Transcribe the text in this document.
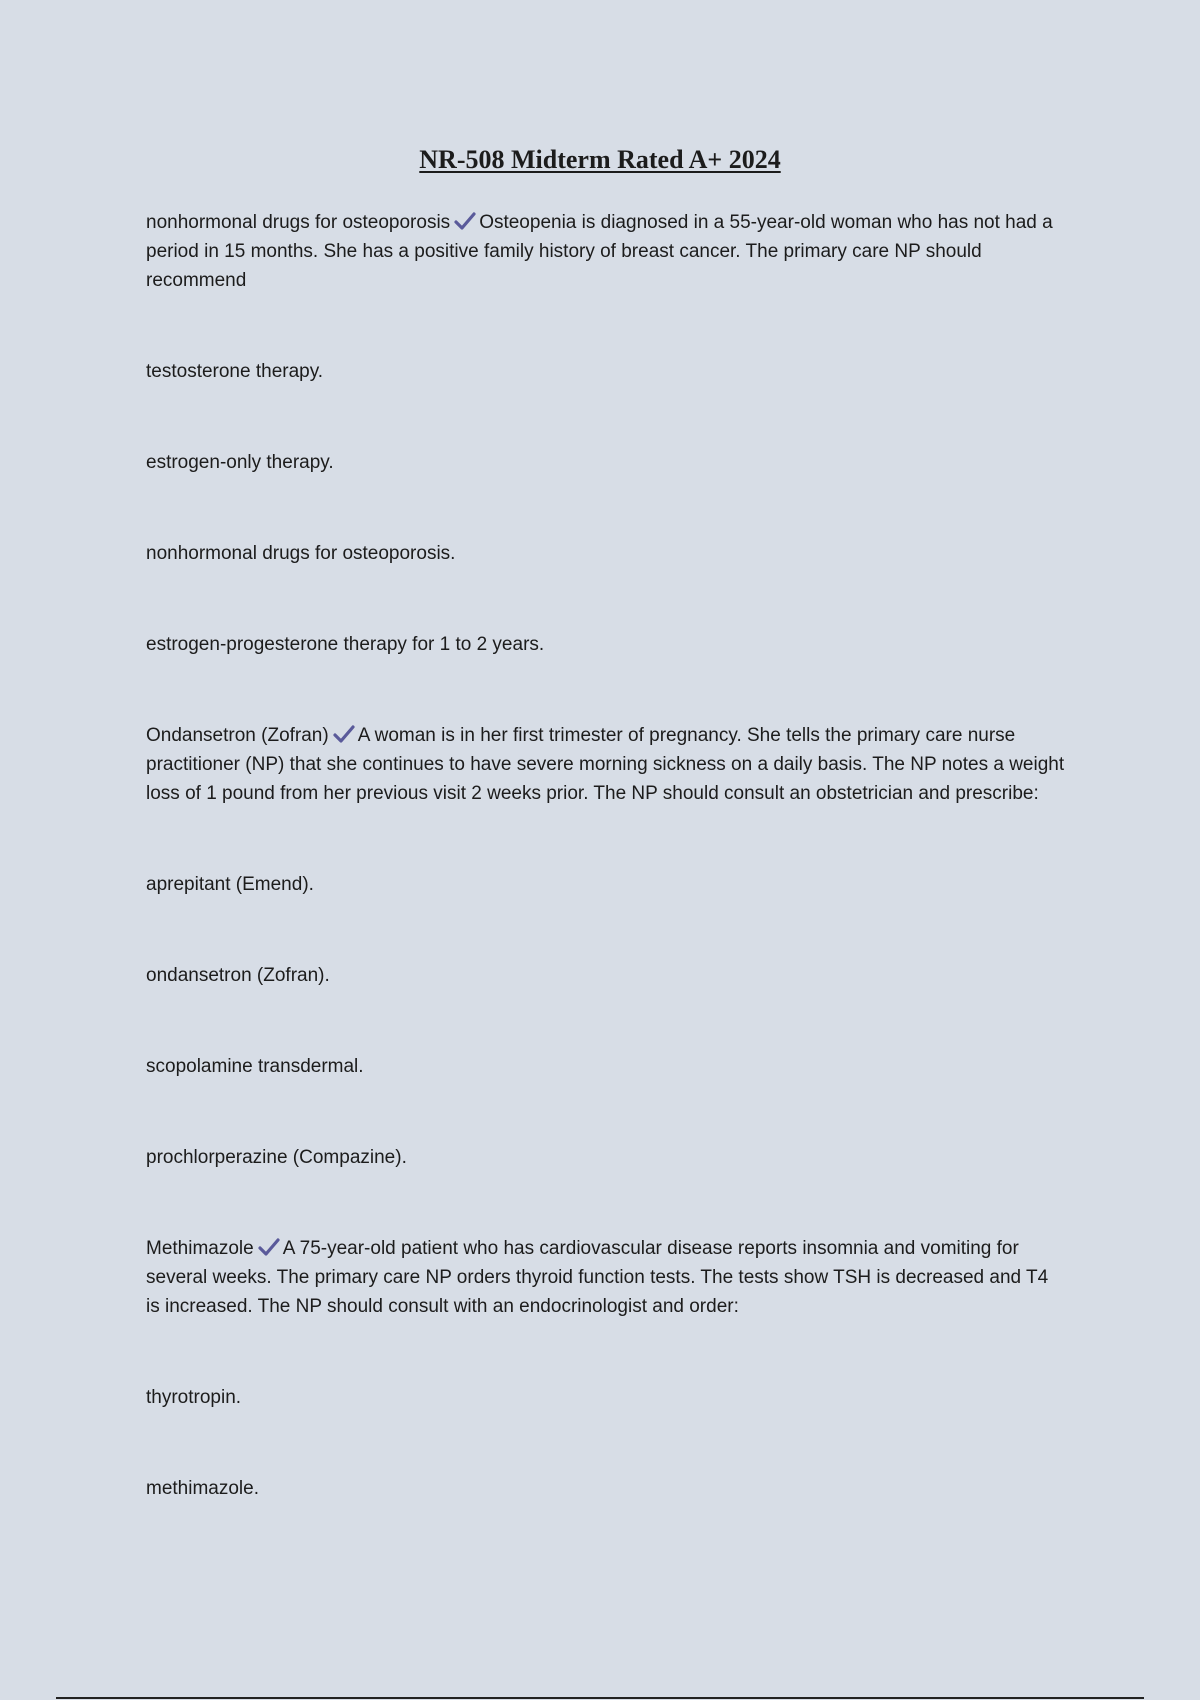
NR-508 Midterm Rated A+ 2024

nonhormonal drugs for osteoporosis Osteopenia is diagnosed in a 55-year-old woman who has not had a period in 15 months. She has a positive family history of breast cancer. The primary care NP should recommend

testosterone therapy.

estrogen-only therapy.

nonhormonal drugs for osteoporosis.

estrogen-progesterone therapy for 1 to 2 years.

Ondansetron (Zofran) A woman is in her first trimester of pregnancy. She tells the primary care nurse practitioner (NP) that she continues to have severe morning sickness on a daily basis. The NP notes a weight loss of 1 pound from her previous visit 2 weeks prior. The NP should consult an obstetrician and prescribe:

aprepitant (Emend).

ondansetron (Zofran).

scopolamine transdermal.

prochlorperazine (Compazine).

Methimazole A 75-year-old patient who has cardiovascular disease reports insomnia and vomiting for several weeks. The primary care NP orders thyroid function tests. The tests show TSH is decreased and T4 is increased. The NP should consult with an endocrinologist and order:

thyrotropin.

methimazole.
